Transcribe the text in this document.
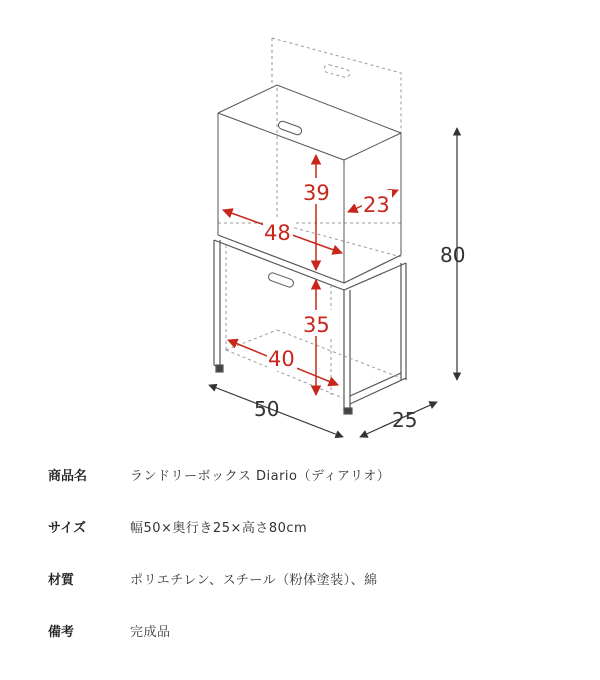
39 23
48
35
40
80
50	25
商品名	ランドリーボックス Diario（ディアリオ）
サイズ	幅50×奥行き25×高さ80cm
材質	ポリエチレン、スチール（粉体塗装）、綿
備考	完成品
